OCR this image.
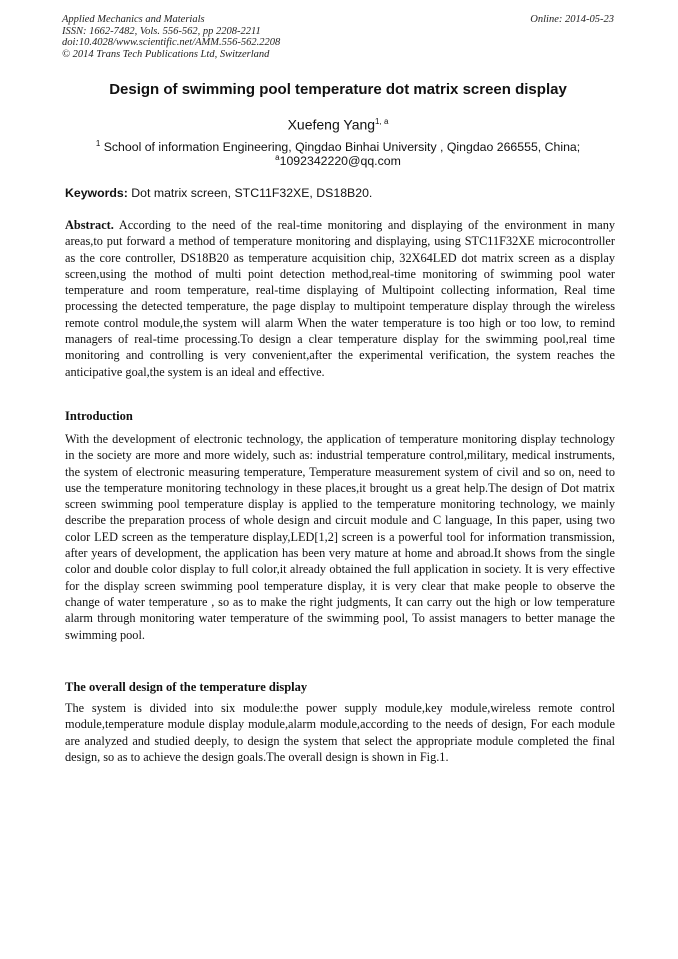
Applied Mechanics and Materials
ISSN: 1662-7482, Vols. 556-562, pp 2208-2211
doi:10.4028/www.scientific.net/AMM.556-562.2208
© 2014 Trans Tech Publications Ltd, Switzerland
Online: 2014-05-23
Design of swimming pool temperature dot matrix screen display
Xuefeng Yang$^{1, a}$
$^1$ School of information Engineering, Qingdao Binhai University , Qingdao 266555, China;
$^a$1092342220@qq.com
Keywords: Dot matrix screen, STC11F32XE, DS18B20.
Abstract. According to the need of the real-time monitoring and displaying of the environment in many areas,to put forward a method of temperature monitoring and displaying, using STC11F32XE microcontroller as the core controller, DS18B20 as temperature acquisition chip, 32X64LED dot matrix screen as a display screen,using the mothod of multi point detection method,real-time monitoring of swimming pool water temperature and room temperature, real-time displaying of Multipoint collecting information, Real time processing the detected temperature, the page display to multipoint temperature display through the wireless remote control module,the system will alarm When the water temperature is too high or too low, to remind managers of real-time processing.To design a clear temperature display for the swimming pool,real time monitoring and controlling is very convenient,after the experimental verification, the system reaches the anticipative goal,the system is an ideal and effective.
Introduction
With the development of electronic technology, the application of temperature monitoring display technology in the society are more and more widely, such as: industrial temperature control,military, medical instruments, the system of electronic measuring temperature, Temperature measurement system of civil and so on, need to use the temperature monitoring technology in these places,it brought us a great help.The design of Dot matrix screen swimming pool temperature display is applied to the temperature monitoring technology, we mainly describe the preparation process of whole design and circuit module and C language, In this paper, using two color LED screen as the temperature display,LED[1,2] screen is a powerful tool for information transmission, after years of development, the application has been very mature at home and abroad.It shows from the single color and double color display to full color,it already obtained the full application in society. It is very effective for the display screen swimming pool temperature display, it is very clear that make people to observe the change of water temperature , so as to make the right judgments, It can carry out the high or low temperature alarm through monitoring water temperature of the swimming pool, To assist managers to better manage the swimming pool.
The overall design of the temperature display
The system is divided into six module:the power supply module,key module,wireless remote control module,temperature module display module,alarm module,according to the needs of design, For each module are analyzed and studied deeply, to design the system that select the appropriate module completed the final design, so as to achieve the design goals.The overall design is shown in Fig.1.
